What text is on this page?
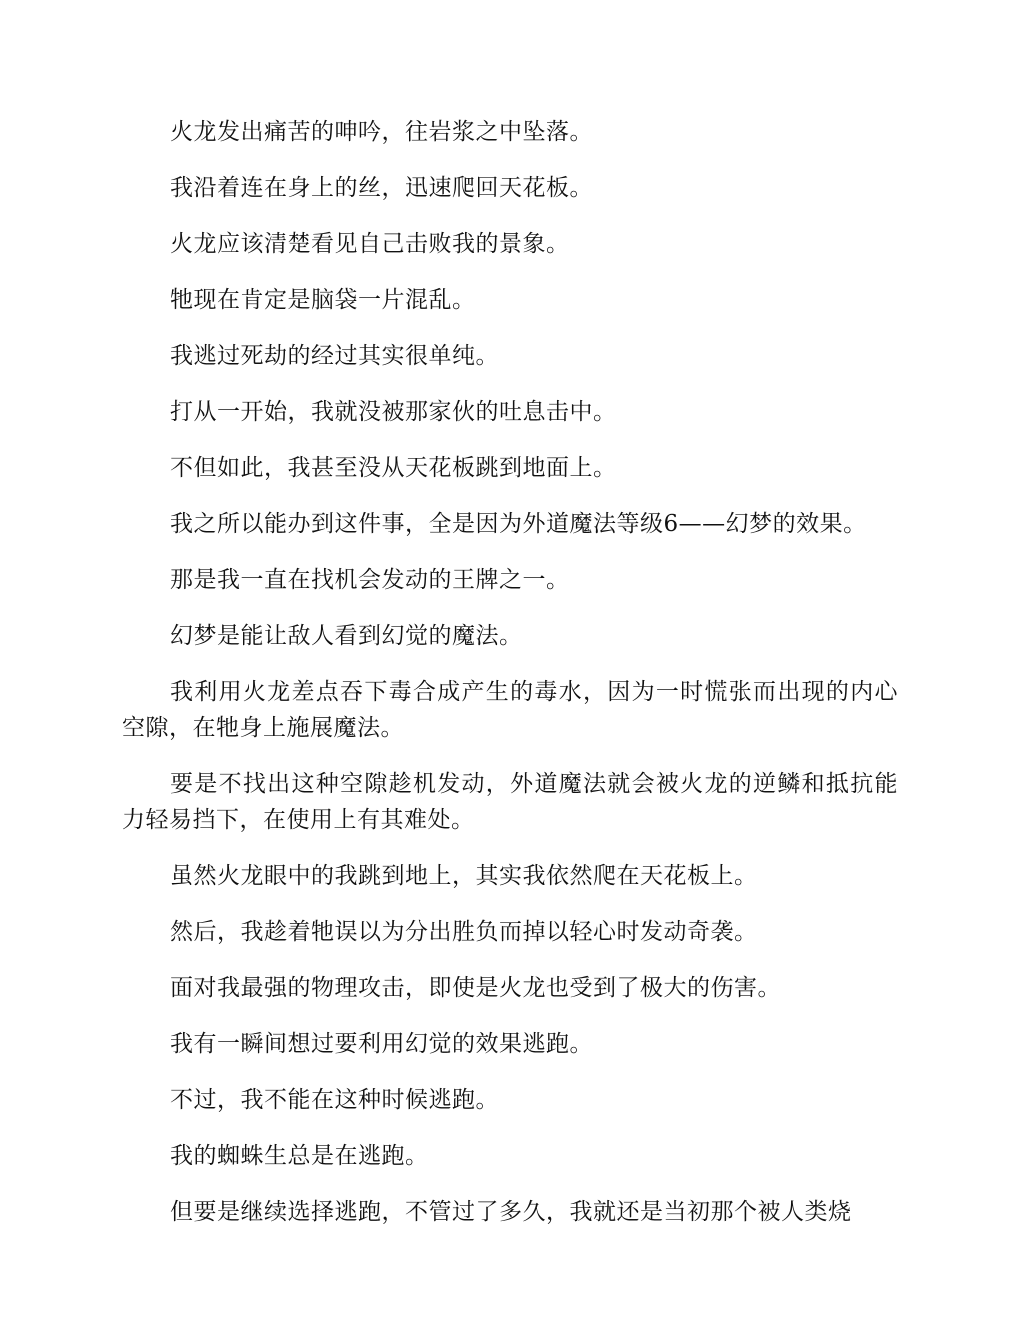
火龙发出痛苦的呻吟，往岩浆之中坠落。

我沿着连在身上的丝，迅速爬回天花板。

火龙应该清楚看见自己击败我的景象。

牠现在肯定是脑袋一片混乱。

我逃过死劫的经过其实很单纯。

打从一开始，我就没被那家伙的吐息击中。

不但如此，我甚至没从天花板跳到地面上。

我之所以能办到这件事，全是因为外道魔法等级6——幻梦的效果。

那是我一直在找机会发动的王牌之一。

幻梦是能让敌人看到幻觉的魔法。

我利用火龙差点吞下毒合成产生的毒水，因为一时慌张而出现的内心空隙，在牠身上施展魔法。

要是不找出这种空隙趁机发动，外道魔法就会被火龙的逆鳞和抵抗能力轻易挡下，在使用上有其难处。

虽然火龙眼中的我跳到地上，其实我依然爬在天花板上。

然后，我趁着牠误以为分出胜负而掉以轻心时发动奇袭。

面对我最强的物理攻击，即使是火龙也受到了极大的伤害。

我有一瞬间想过要利用幻觉的效果逃跑。

不过，我不能在这种时候逃跑。

我的蜘蛛生总是在逃跑。

但要是继续选择逃跑，不管过了多久，我就还是当初那个被人类烧
